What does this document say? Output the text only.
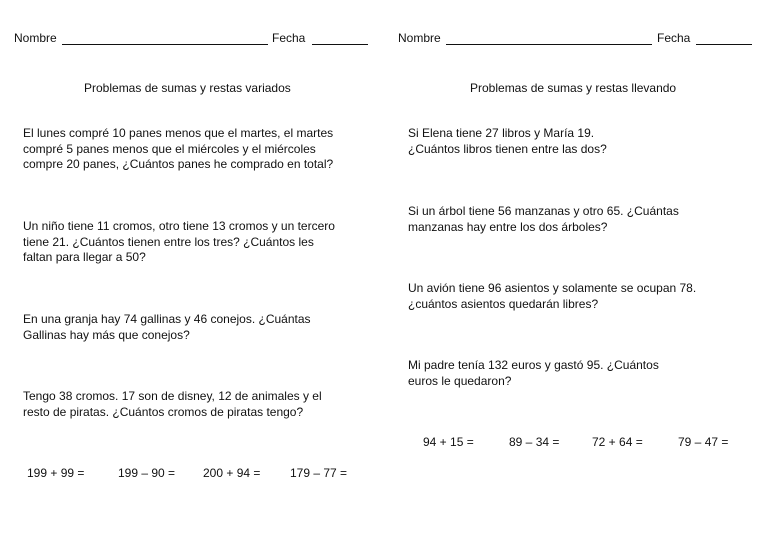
Nombre	Fecha
Problemas de sumas y restas variados
El lunes compré 10 panes menos que el martes, el martes
compré 5 panes menos que el miércoles y el miércoles
compre 20 panes, ¿Cuántos panes he comprado en total?
Un niño tiene 11 cromos, otro tiene 13 cromos y un tercero
tiene 21. ¿Cuántos tienen entre los tres? ¿Cuántos les
faltan para llegar a 50?
En una granja hay 74 gallinas y 46 conejos. ¿Cuántas
Gallinas hay más que conejos?
Tengo 38 cromos. 17 son de disney, 12 de animales y el
resto de piratas. ¿Cuántos cromos de piratas tengo?
199 + 99 =	199 – 90 = 200 + 94 = 179 – 77 =
Nombre	Fecha
Problemas de sumas y restas llevando
Si Elena tiene 27 libros y María 19.
¿Cuántos libros tienen entre las dos?
Si un árbol tiene 56 manzanas y otro 65. ¿Cuántas
manzanas hay entre los dos árboles?
Un avión tiene 96 asientos y solamente se ocupan 78.
¿cuántos asientos quedarán libres?
Mi padre tenía 132 euros y gastó 95. ¿Cuántos
euros le quedaron?
94 + 15 =	89 – 34 =	72 + 64 =	79 – 47 =
